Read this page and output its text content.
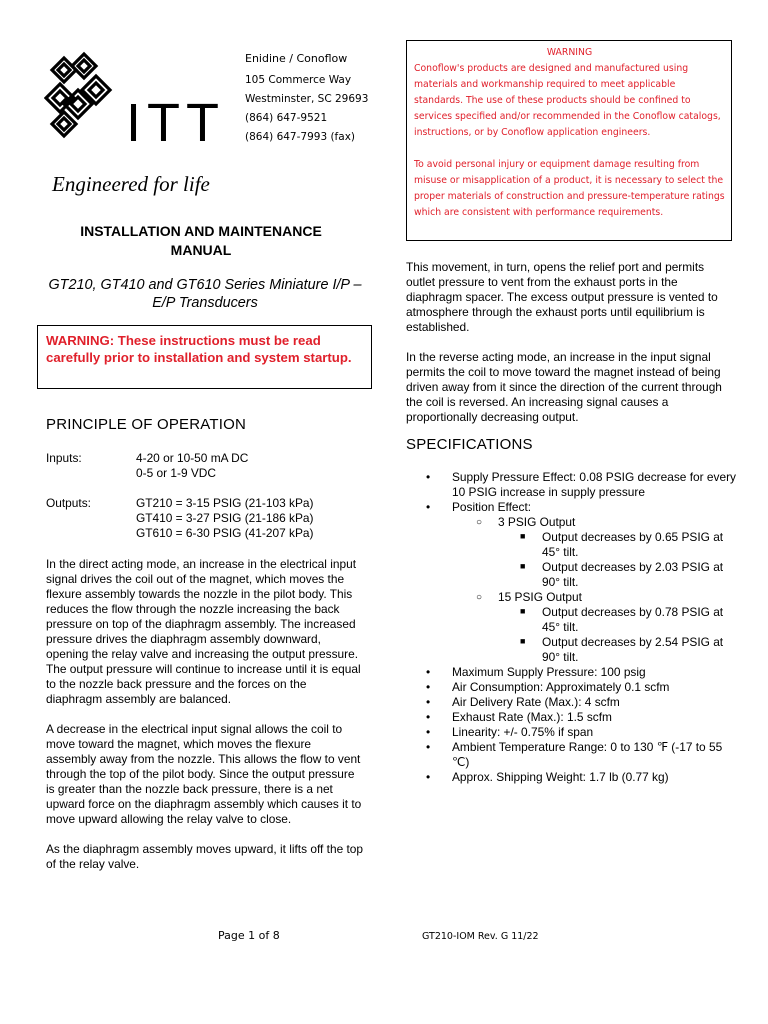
ITT
Engineered for life
Enidine / Conoflow
105 Commerce Way
Westminster, SC 29693
(864) 647-9521
(864) 647-7993 (fax)
WARNING

Conoflow's products are designed and manufactured using materials and workmanship required to meet applicable standards. The use of these products should be confined to services specified and/or recommended in the Conoflow catalogs, instructions, or by Conoflow application engineers.

To avoid personal injury or equipment damage resulting from misuse or misapplication of a product, it is necessary to select the proper materials of construction and pressure-temperature ratings which are consistent with performance requirements.

INSTALLATION AND MAINTENANCE
MANUAL
GT210, GT410 and GT610 Series Miniature I/P – E/P Transducers
WARNING: These instructions must be read carefully prior to installation and system startup.
PRINCIPLE OF OPERATION
Inputs:	4-20 or 10-50 mA DC
0-5 or 1-9 VDC
Outputs:	GT210 = 3-15 PSIG (21-103 kPa)
GT410 = 3-27 PSIG (21-186 kPa)
GT610 = 6-30 PSIG (41-207 kPa)

In the direct acting mode, an increase in the electrical input signal drives the coil out of the magnet, which moves the flexure assembly towards the nozzle in the pilot body. This reduces the flow through the nozzle increasing the back pressure on top of the diaphragm assembly. The increased pressure drives the diaphragm assembly downward, opening the relay valve and increasing the output pressure. The output pressure will continue to increase until it is equal to the nozzle back pressure and the forces on the diaphragm assembly are balanced.

A decrease in the electrical input signal allows the coil to move toward the magnet, which moves the flexure assembly away from the nozzle. This allows the flow to vent through the top of the pilot body. Since the output pressure is greater than the nozzle back pressure, there is a net upward force on the diaphragm assembly which causes it to move upward allowing the relay valve to close.

As the diaphragm assembly moves upward, it lifts off the top of the relay valve.

This movement, in turn, opens the relief port and permits outlet pressure to vent from the exhaust ports in the diaphragm spacer. The excess output pressure is vented to atmosphere through the exhaust ports until equilibrium is established.

In the reverse acting mode, an increase in the input signal permits the coil to move toward the magnet instead of being driven away from it since the direction of the current through the coil is reversed. An increasing signal causes a proportionally decreasing output.

SPECIFICATIONS
• Supply Pressure Effect: 0.08 PSIG decrease for every 10 PSIG increase in supply pressure
• Position Effect:
○ 3 PSIG Output
■ Output decreases by 0.65 PSIG at 45° tilt.
■ Output decreases by 2.03 PSIG at 90° tilt.
○ 15 PSIG Output
■ Output decreases by 0.78 PSIG at 45° tilt.
■ Output decreases by 2.54 PSIG at 90° tilt.
• Maximum Supply Pressure: 100 psig
• Air Consumption: Approximately 0.1 scfm
• Air Delivery Rate (Max.): 4 scfm
• Exhaust Rate (Max.): 1.5 scfm
• Linearity: +/- 0.75% if span
• Ambient Temperature Range: 0 to 130 ℉ (-17 to 55 ℃)
• Approx. Shipping Weight: 1.7 lb (0.77 kg)
Page 1 of 8	GT210-IOM Rev. G 11/22
